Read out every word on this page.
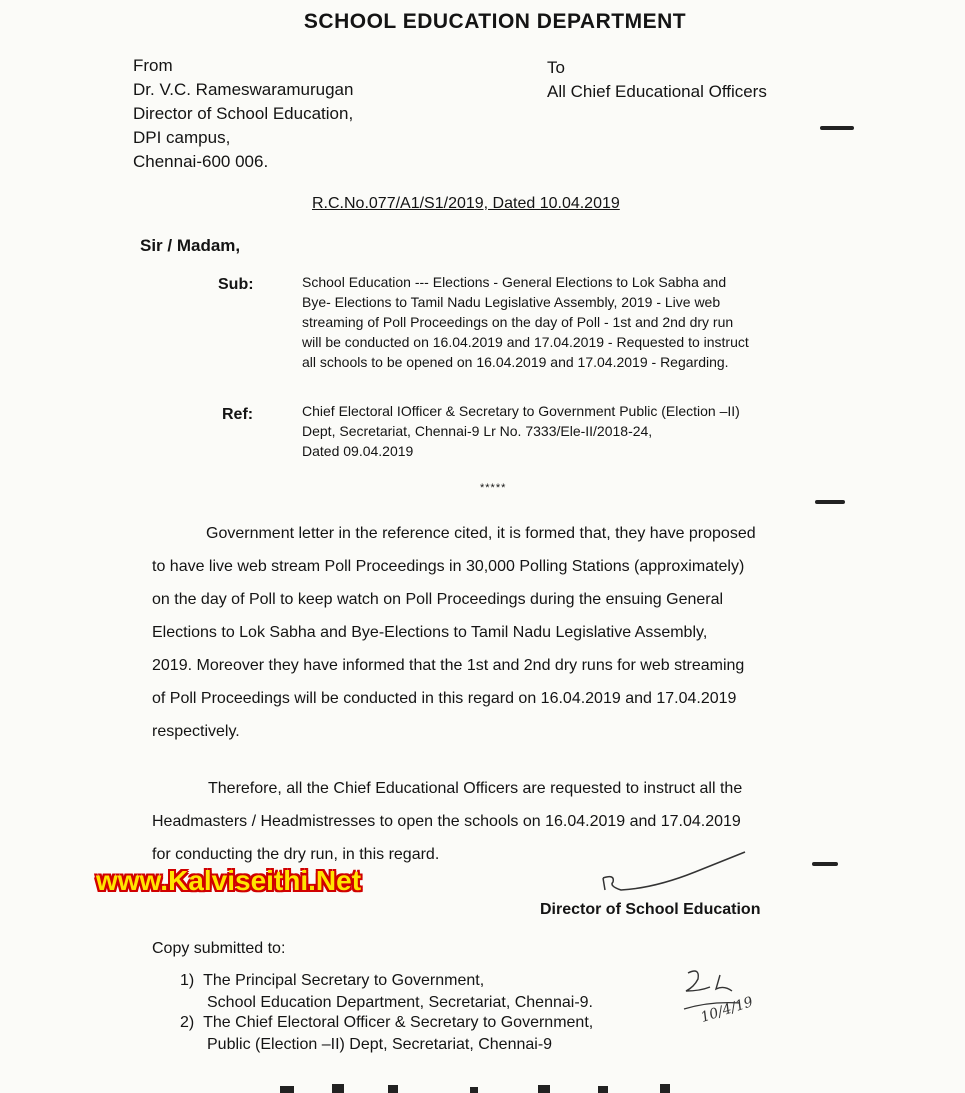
SCHOOL EDUCATION DEPARTMENT
From
Dr. V.C. Rameswaramurugan
Director of School Education,
DPI campus,
Chennai-600 006.
To
All Chief Educational Officers
R.C.No.077/A1/S1/2019, Dated 10.04.2019
Sir / Madam,
Sub:	School Education --- Elections - General Elections to Lok Sabha and
Bye- Elections to Tamil Nadu Legislative Assembly, 2019 - Live web
streaming of Poll Proceedings on the day of Poll - 1st and 2nd dry run
will be conducted on 16.04.2019 and 17.04.2019 - Requested to instruct
all schools to be opened on 16.04.2019 and 17.04.2019 - Regarding.
Ref:	Chief Electoral IOfficer & Secretary to Government Public (Election –II)
Dept, Secretariat, Chennai-9 Lr No. 7333/Ele-II/2018-24,
Dated 09.04.2019
*****
Government letter in the reference cited, it is formed that, they have proposed
to have live web stream Poll Proceedings in 30,000 Polling Stations (approximately)
on the day of Poll to keep watch on Poll Proceedings during the ensuing General
Elections to Lok Sabha and Bye-Elections to Tamil Nadu Legislative Assembly,
2019. Moreover they have informed that the 1st and 2nd dry runs for web streaming
of Poll Proceedings will be conducted in this regard on 16.04.2019 and 17.04.2019
respectively.
Therefore, all the Chief Educational Officers are requested to instruct all the
Headmasters / Headmistresses to open the schools on 16.04.2019 and 17.04.2019
for conducting the dry run, in this regard.
Director of School Education
www.Kalviseithi.Net
Copy submitted to:
1) The Principal Secretary to Government,
School Education Department, Secretariat, Chennai-9.
2) The Chief Electoral Officer & Secretary to Government,
Public (Election –II) Dept, Secretariat, Chennai-9
10/4/19
